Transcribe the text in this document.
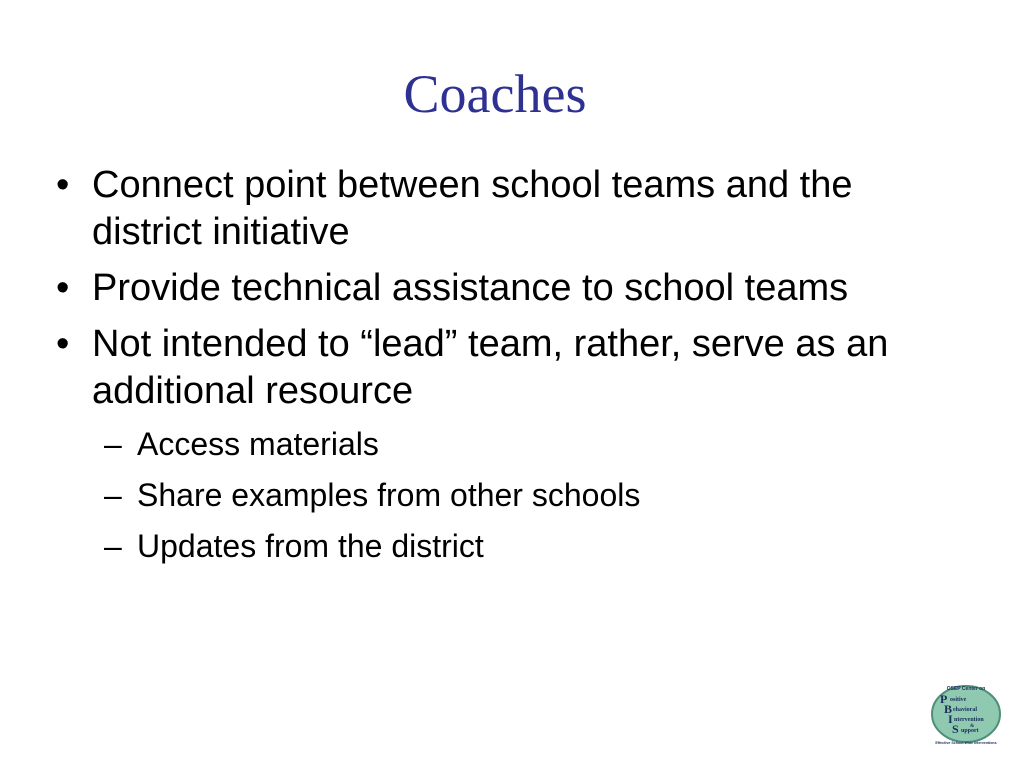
Coaches
• Connect point between school teams and the district initiative
• Provide technical assistance to school teams
• Not intended to “lead” team, rather, serve as an additional resource
– Access materials
– Share examples from other schools
– Updates from the district
OSEP Center on
P ositive
B ehavioral
I ntervention
&
S upport
Effective School-Wide Interventions
